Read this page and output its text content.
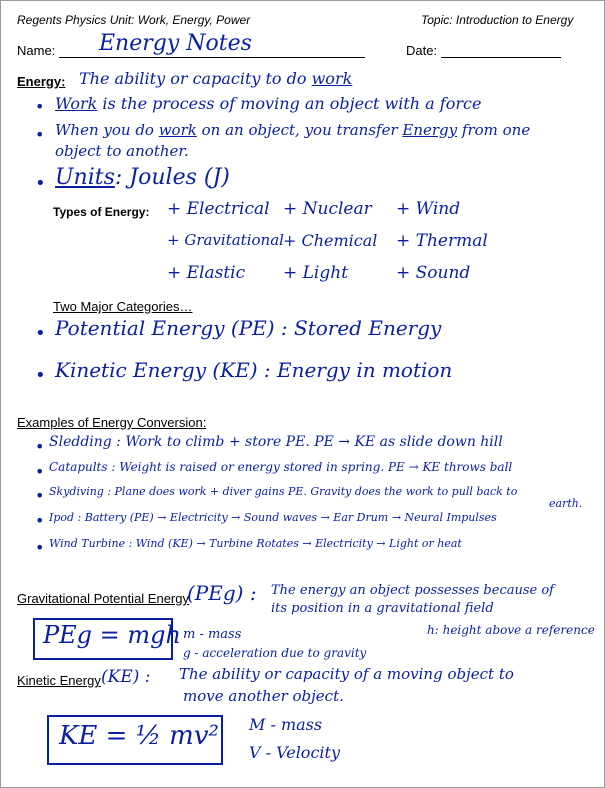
Regents Physics Unit: Work, Energy, Power	Topic: Introduction to Energy
Name: Energy Notes	Date:
Energy: The ability or capacity to do work
• Work is the process of moving an object with a force
• When you do work on an object, you transfer Energy from one
object to another.
• Units: Joules (J)
Types of Energy: + Electrical + Nuclear + Wind
+ Gravitational + Chemical + Thermal
+ Elastic + Light	+ Sound
Two Major Categories…
• Potential Energy (PE) : Stored Energy
• Kinetic Energy (KE) : Energy in motion
Examples of Energy Conversion:
• Sledding : Work to climb + store PE. PE → KE as slide down hill
• Catapults : Weight is raised or energy stored in spring. PE → KE throws ball
• Skydiving : Plane does work + diver gains PE. Gravity does the work to pull back to
earth.
• Ipod : Battery (PE) → Electricity → Sound waves → Ear Drum → Neural Impulses
• Wind Turbine : Wind (KE) → Turbine Rotates → Electricity → Light or heat
Gravitational Potential Energy
(PEg) : The energy an object possesses because of
its position in a gravitational field
PEg = mgh m - mass
g - acceleration due to gravity
h: height above a reference
Kinetic Energy (KE) : The ability or capacity of a moving object to
move another object.
KE = ½ mv² M - mass
V - Velocity
